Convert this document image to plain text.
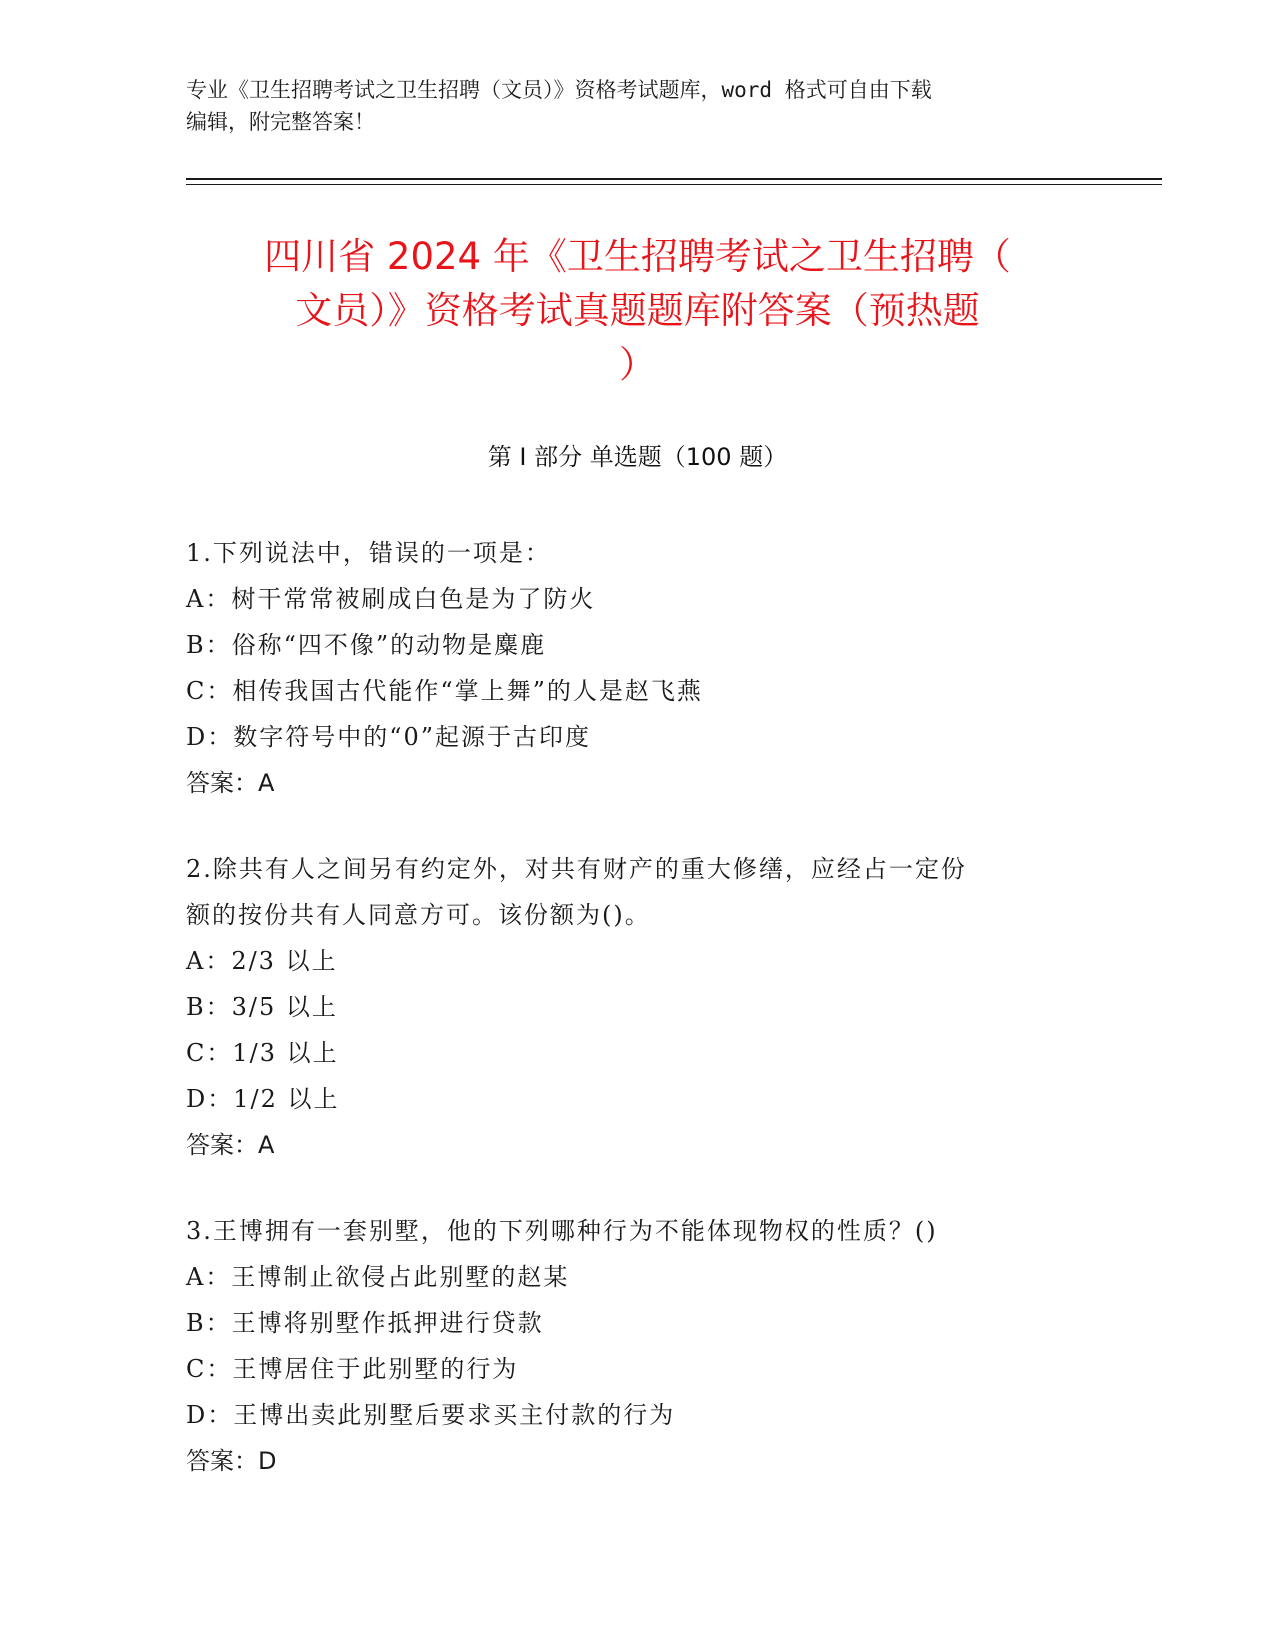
专业《卫生招聘考试之卫生招聘（文员）》资格考试题库，word 格式可自由下载
编辑，附完整答案！
四川省 2024 年《卫生招聘考试之卫生招聘（
文员）》资格考试真题题库附答案（预热题
）
第 I 部分 单选题（100 题）
1.下列说法中，错误的一项是：
A：树干常常被刷成白色是为了防火
B：俗称“四不像”的动物是麋鹿
C：相传我国古代能作“掌上舞”的人是赵飞燕
D：数字符号中的“0”起源于古印度
答案：A
2.除共有人之间另有约定外，对共有财产的重大修缮，应经占一定份
额的按份共有人同意方可。该份额为()。
A：2/3 以上
B：3/5 以上
C：1/3 以上
D：1/2 以上
答案：A
3.王博拥有一套别墅，他的下列哪种行为不能体现物权的性质？()
A：王博制止欲侵占此别墅的赵某
B：王博将别墅作抵押进行贷款
C：王博居住于此别墅的行为
D：王博出卖此别墅后要求买主付款的行为
答案：D
